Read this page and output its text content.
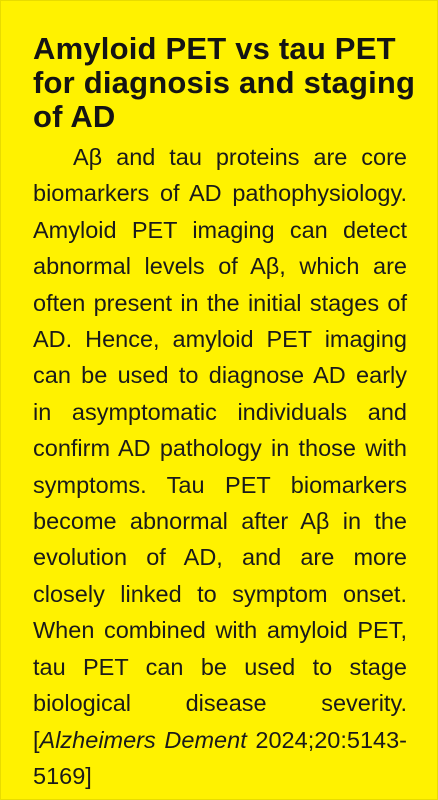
Amyloid PET vs tau PET for diagnosis and staging of AD

Aβ and tau proteins are core biomarkers of AD pathophysiology. Amyloid PET imaging can detect abnormal levels of Aβ, which are often present in the initial stages of AD. Hence, amyloid PET imaging can be used to diagnose AD early in asymptomatic individuals and confirm AD pathology in those with symptoms. Tau PET biomarkers become abnormal after Aβ in the evolution of AD, and are more closely linked to symptom onset. When combined with amyloid PET, tau PET can be used to stage biological disease severity. [Alzheimers Dement 2024;20:5143-5169]
